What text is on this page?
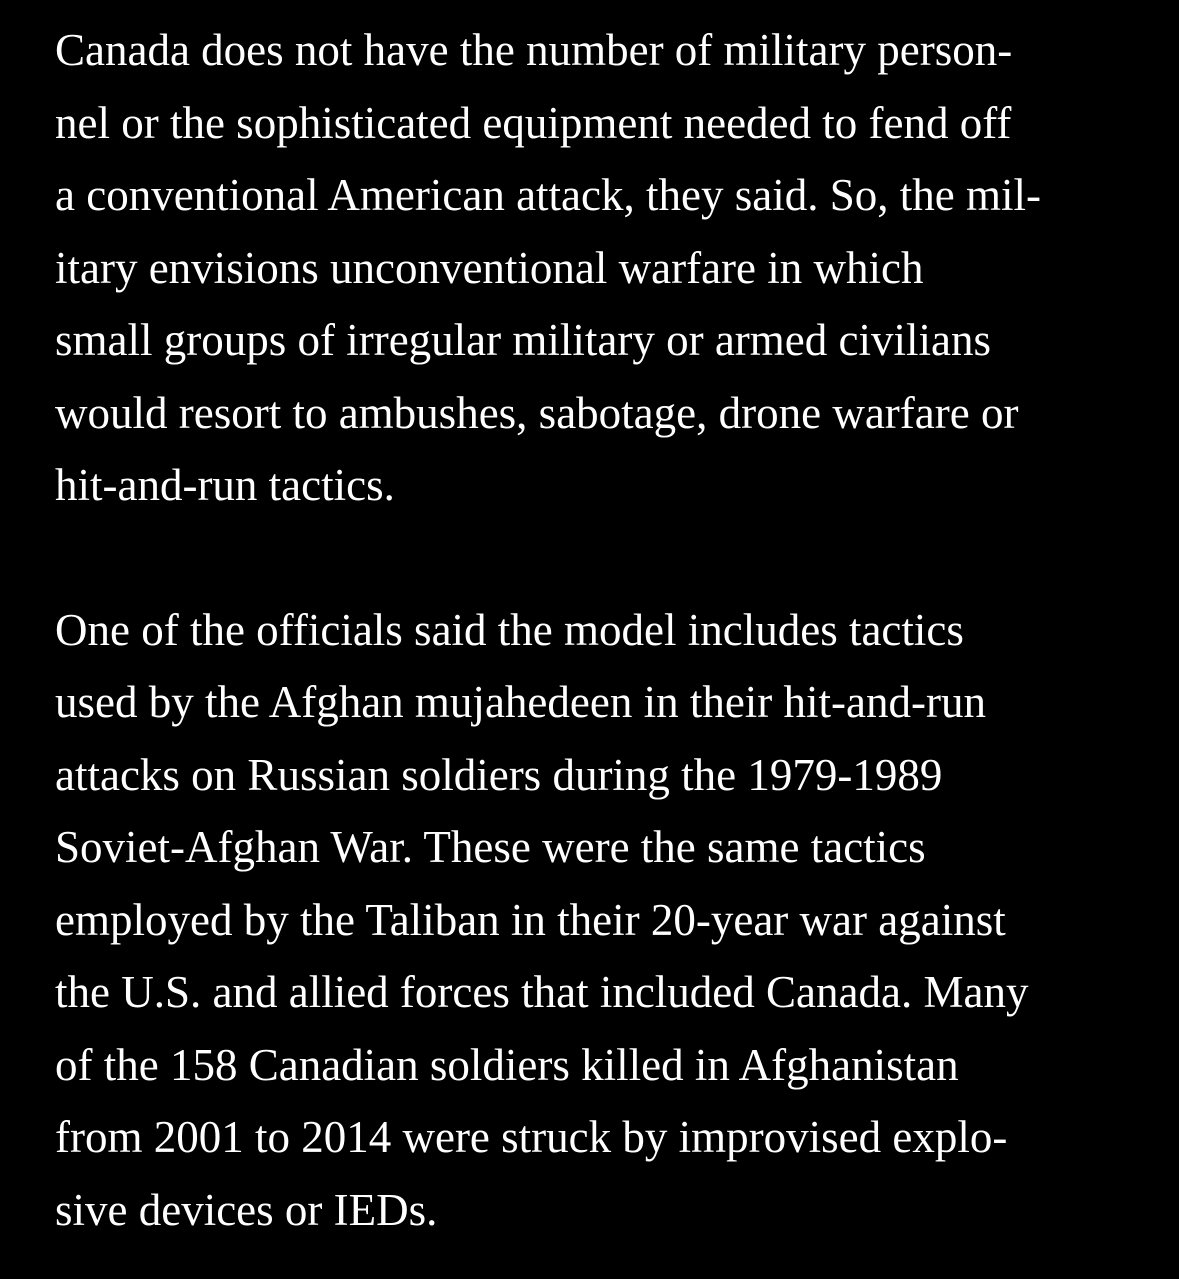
Canada does not have the number of military person-
nel or the sophisticated equipment needed to fend off
a conventional American attack, they said. So, the mil-
itary envisions unconventional warfare in which
small groups of irregular military or armed civilians
would resort to ambushes, sabotage, drone warfare or
hit-and-run tactics.

One of the officials said the model includes tactics
used by the Afghan mujahedeen in their hit-and-run
attacks on Russian soldiers during the 1979-1989
Soviet-Afghan War. These were the same tactics
employed by the Taliban in their 20-year war against
the U.S. and allied forces that included Canada. Many
of the 158 Canadian soldiers killed in Afghanistan
from 2001 to 2014 were struck by improvised explo-
sive devices or IEDs.
